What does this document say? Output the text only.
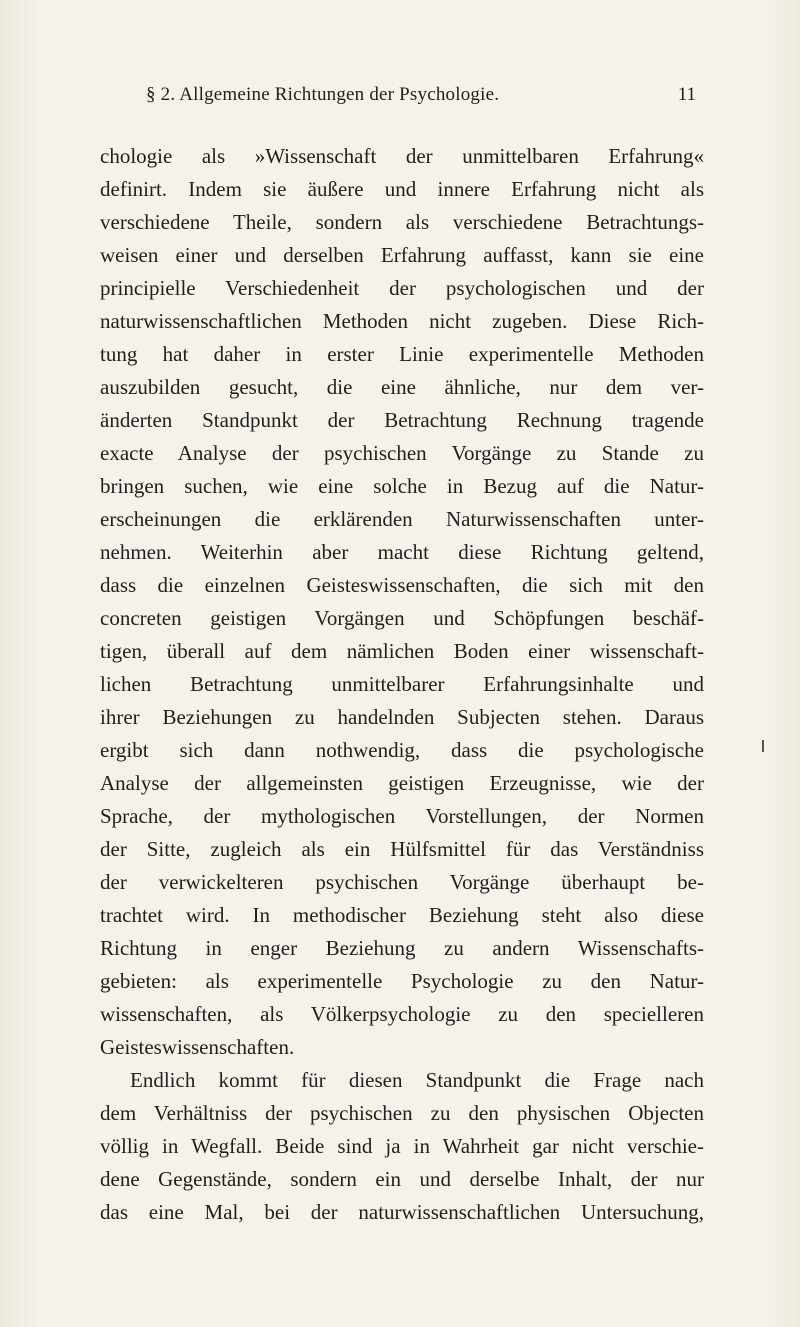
§ 2. Allgemeine Richtungen der Psychologie.	11
chologie als »Wissenschaft der unmittelbaren Erfahrung«
definirt. Indem sie äußere und innere Erfahrung nicht als
verschiedene Theile, sondern als verschiedene Betrachtungs-
weisen einer und derselben Erfahrung auffasst, kann sie eine
principielle Verschiedenheit der psychologischen und der
naturwissenschaftlichen Methoden nicht zugeben. Diese Rich-
tung hat daher in erster Linie experimentelle Methoden
auszubilden gesucht, die eine ähnliche, nur dem ver-
änderten Standpunkt der Betrachtung Rechnung tragende
exacte Analyse der psychischen Vorgänge zu Stande zu
bringen suchen, wie eine solche in Bezug auf die Natur-
erscheinungen die erklärenden Naturwissenschaften unter-
nehmen. Weiterhin aber macht diese Richtung geltend,
dass die einzelnen Geisteswissenschaften, die sich mit den
concreten geistigen Vorgängen und Schöpfungen beschäf-
tigen, überall auf dem nämlichen Boden einer wissenschaft-
lichen Betrachtung unmittelbarer Erfahrungsinhalte und
ihrer Beziehungen zu handelnden Subjecten stehen. Daraus
ergibt sich dann nothwendig, dass die psychologische
Analyse der allgemeinsten geistigen Erzeugnisse, wie der
Sprache, der mythologischen Vorstellungen, der Normen
der Sitte, zugleich als ein Hülfsmittel für das Verständniss
der verwickelteren psychischen Vorgänge überhaupt be-
trachtet wird. In methodischer Beziehung steht also diese
Richtung in enger Beziehung zu andern Wissenschafts-
gebieten: als experimentelle Psychologie zu den Natur-
wissenschaften, als Völkerpsychologie zu den specielleren
Geisteswissenschaften.
Endlich kommt für diesen Standpunkt die Frage nach
dem Verhältniss der psychischen zu den physischen Objecten
völlig in Wegfall. Beide sind ja in Wahrheit gar nicht verschie-
dene Gegenstände, sondern ein und derselbe Inhalt, der nur
das eine Mal, bei der naturwissenschaftlichen Untersuchung,
